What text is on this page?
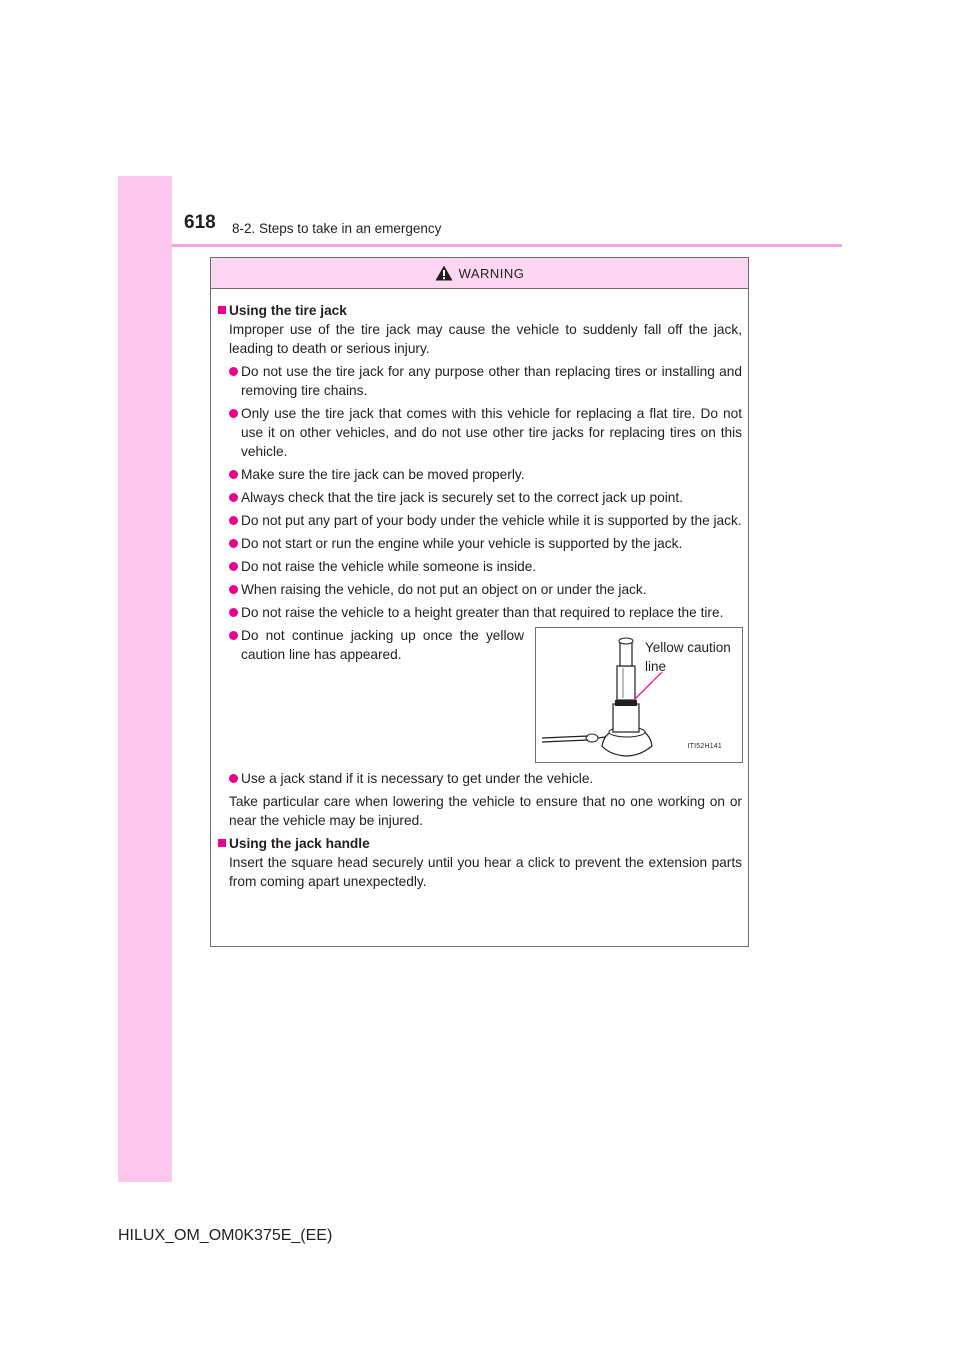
618 8-2. Steps to take in an emergency
WARNING
Using the tire jack
Improper use of the tire jack may cause the vehicle to suddenly fall off the jack, leading to death or serious injury.
Do not use the tire jack for any purpose other than replacing tires or installing and removing tire chains.
Only use the tire jack that comes with this vehicle for replacing a flat tire. Do not use it on other vehicles, and do not use other tire jacks for replacing tires on this vehicle.
Make sure the tire jack can be moved properly.
Always check that the tire jack is securely set to the correct jack up point.
Do not put any part of your body under the vehicle while it is supported by the jack.
Do not start or run the engine while your vehicle is supported by the jack.
Do not raise the vehicle while someone is inside.
When raising the vehicle, do not put an object on or under the jack.
Do not raise the vehicle to a height greater than that required to replace the tire.
Do not continue jacking up once the yellow caution line has appeared.	Yellow caution line
ITI52H141
Use a jack stand if it is necessary to get under the vehicle.
Take particular care when lowering the vehicle to ensure that no one working on or near the vehicle may be injured.
Using the jack handle
Insert the square head securely until you hear a click to prevent the extension parts from coming apart unexpectedly.
HILUX_OM_OM0K375E_(EE)
